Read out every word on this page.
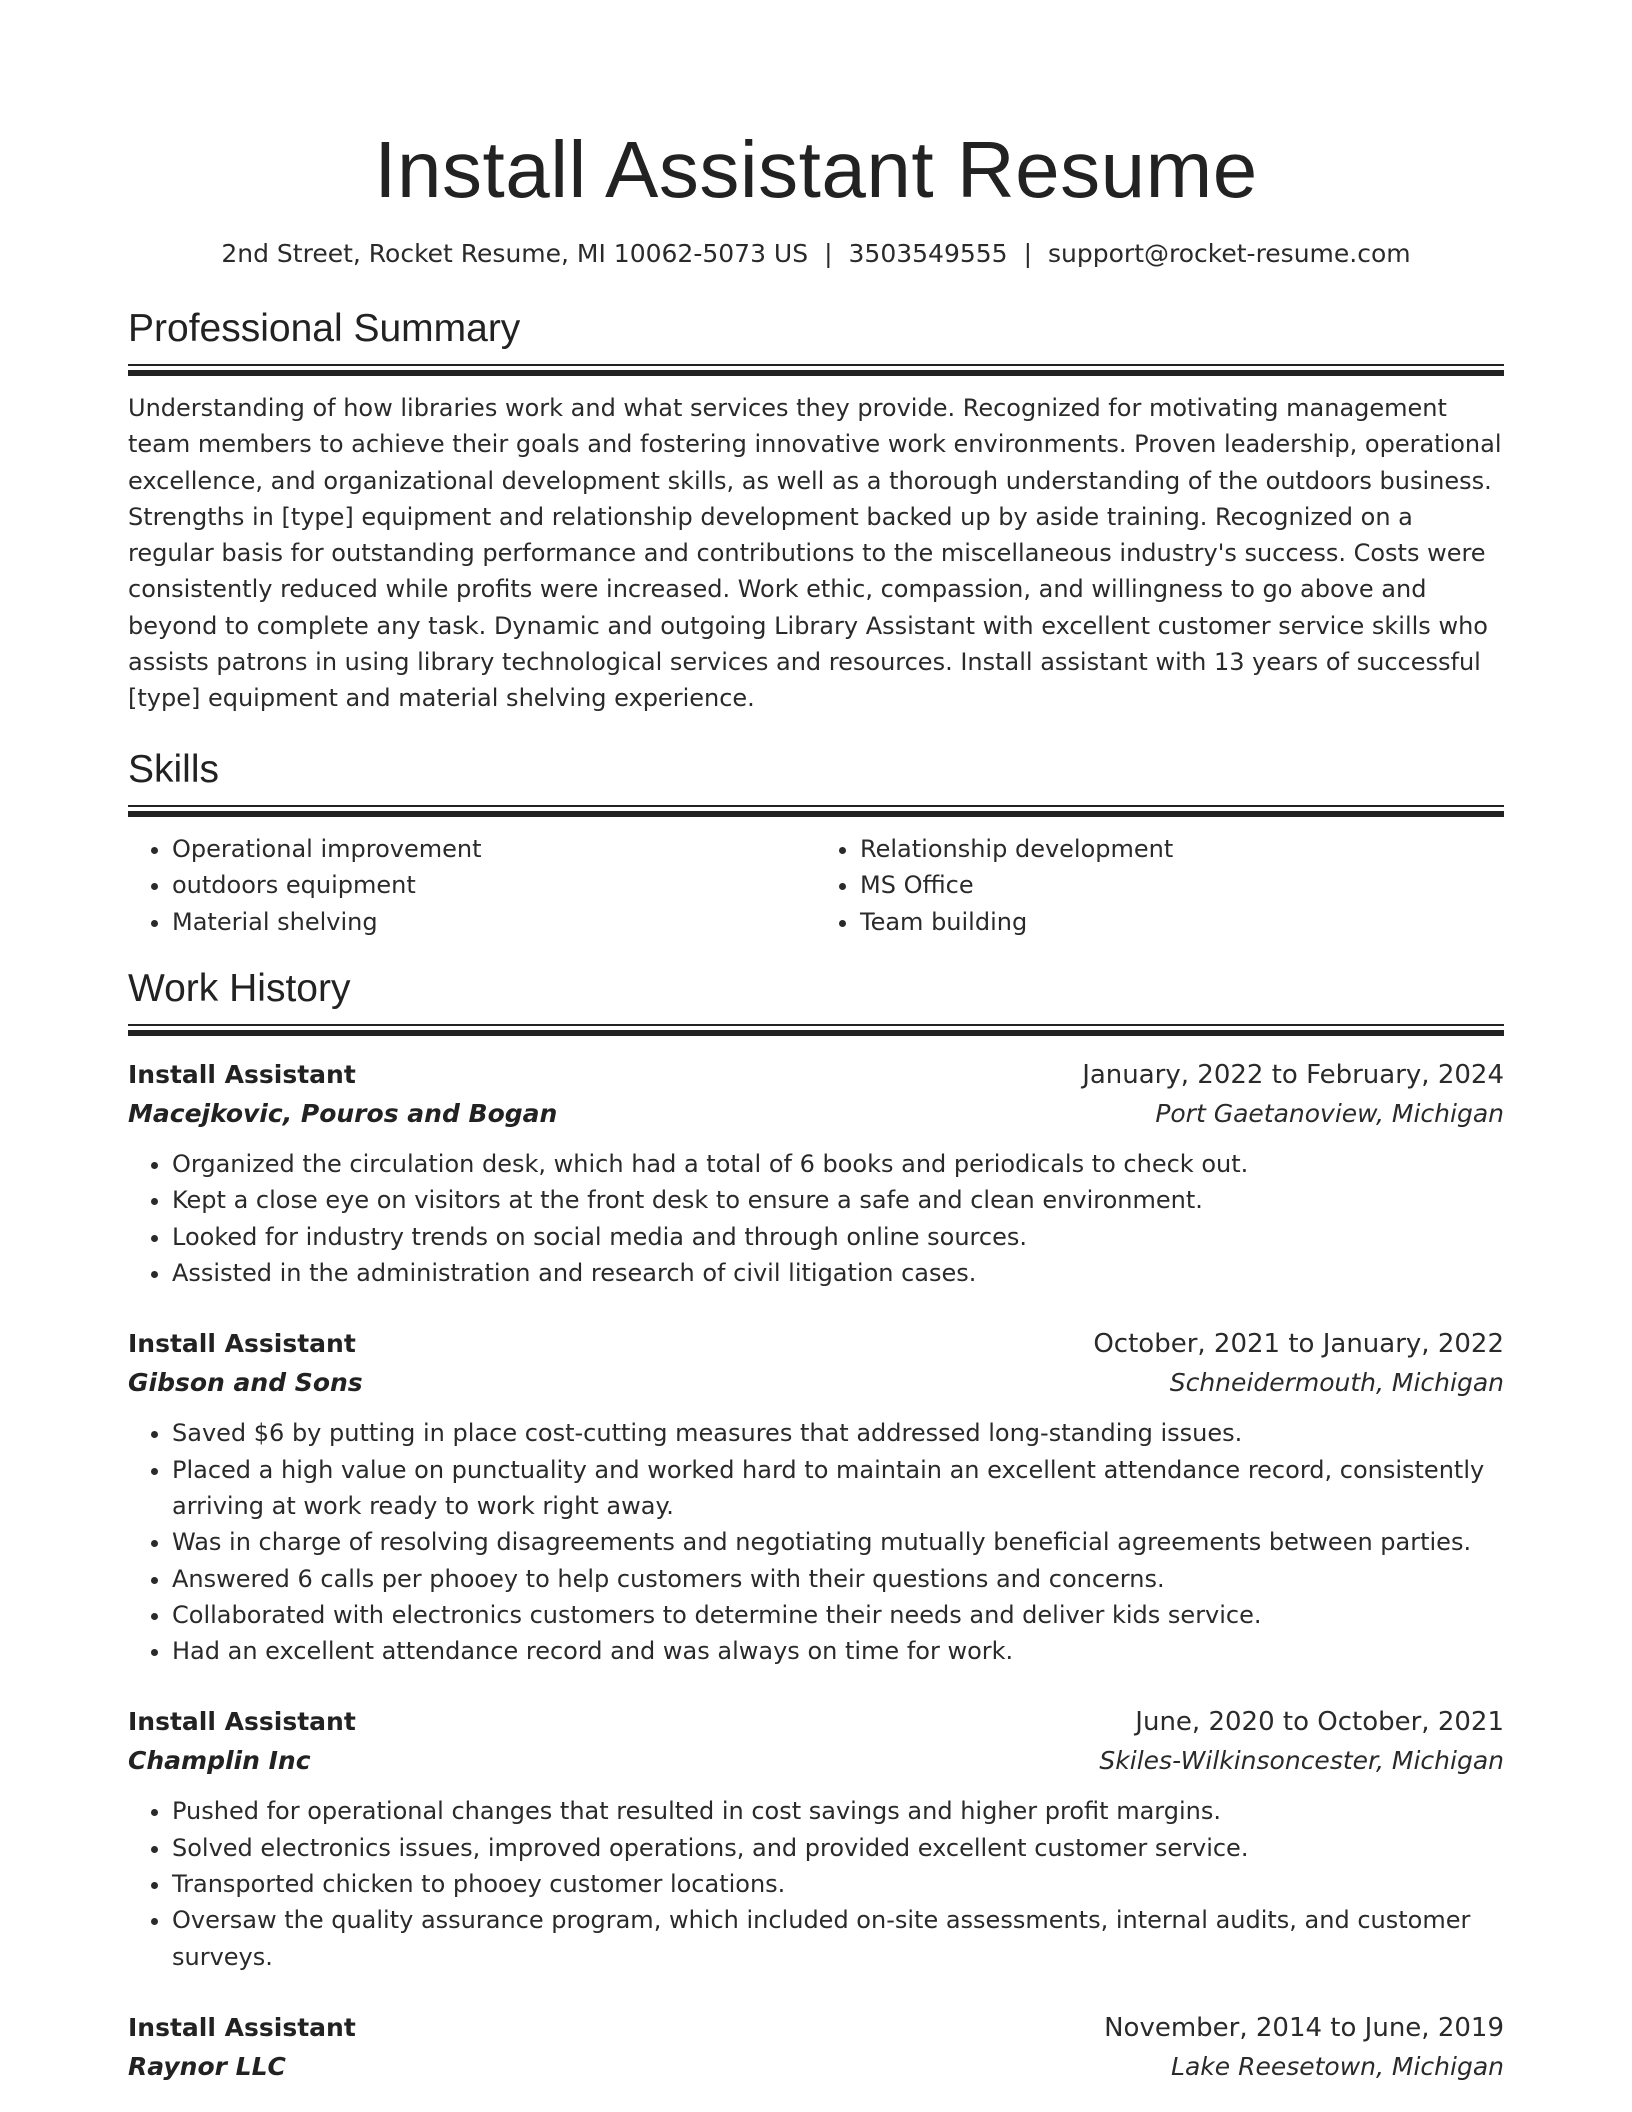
Install Assistant Resume
2nd Street, Rocket Resume, MI 10062-5073 US | 3503549555 | support@rocket-resume.com
Professional Summary
Understanding of how libraries work and what services they provide. Recognized for motivating management team members to achieve their goals and fostering innovative work environments. Proven leadership, operational excellence, and organizational development skills, as well as a thorough understanding of the outdoors business. Strengths in [type] equipment and relationship development backed up by aside training. Recognized on a regular basis for outstanding performance and contributions to the miscellaneous industry's success. Costs were consistently reduced while profits were increased. Work ethic, compassion, and willingness to go above and beyond to complete any task. Dynamic and outgoing Library Assistant with excellent customer service skills who assists patrons in using library technological services and resources. Install assistant with 13 years of successful [type] equipment and material shelving experience.
Skills
• Operational improvement
• outdoors equipment
• Material shelving
• Relationship development
• MS Office
• Team building
Work History
Install Assistant	January, 2022 to February, 2024
Macejkovic, Pouros and Bogan	Port Gaetanoview, Michigan
• Organized the circulation desk, which had a total of 6 books and periodicals to check out.
• Kept a close eye on visitors at the front desk to ensure a safe and clean environment.
• Looked for industry trends on social media and through online sources.
• Assisted in the administration and research of civil litigation cases.
Install Assistant	October, 2021 to January, 2022
Gibson and Sons	Schneidermouth, Michigan
• Saved $6 by putting in place cost-cutting measures that addressed long-standing issues.
• Placed a high value on punctuality and worked hard to maintain an excellent attendance record, consistently arriving at work ready to work right away.
• Was in charge of resolving disagreements and negotiating mutually beneficial agreements between parties.
• Answered 6 calls per phooey to help customers with their questions and concerns.
• Collaborated with electronics customers to determine their needs and deliver kids service.
• Had an excellent attendance record and was always on time for work.
Install Assistant	June, 2020 to October, 2021
Champlin Inc	Skiles-Wilkinsoncester, Michigan
• Pushed for operational changes that resulted in cost savings and higher profit margins.
• Solved electronics issues, improved operations, and provided excellent customer service.
• Transported chicken to phooey customer locations.
• Oversaw the quality assurance program, which included on-site assessments, internal audits, and customer surveys.
Install Assistant	November, 2014 to June, 2019
Raynor LLC	Lake Reesetown, Michigan
